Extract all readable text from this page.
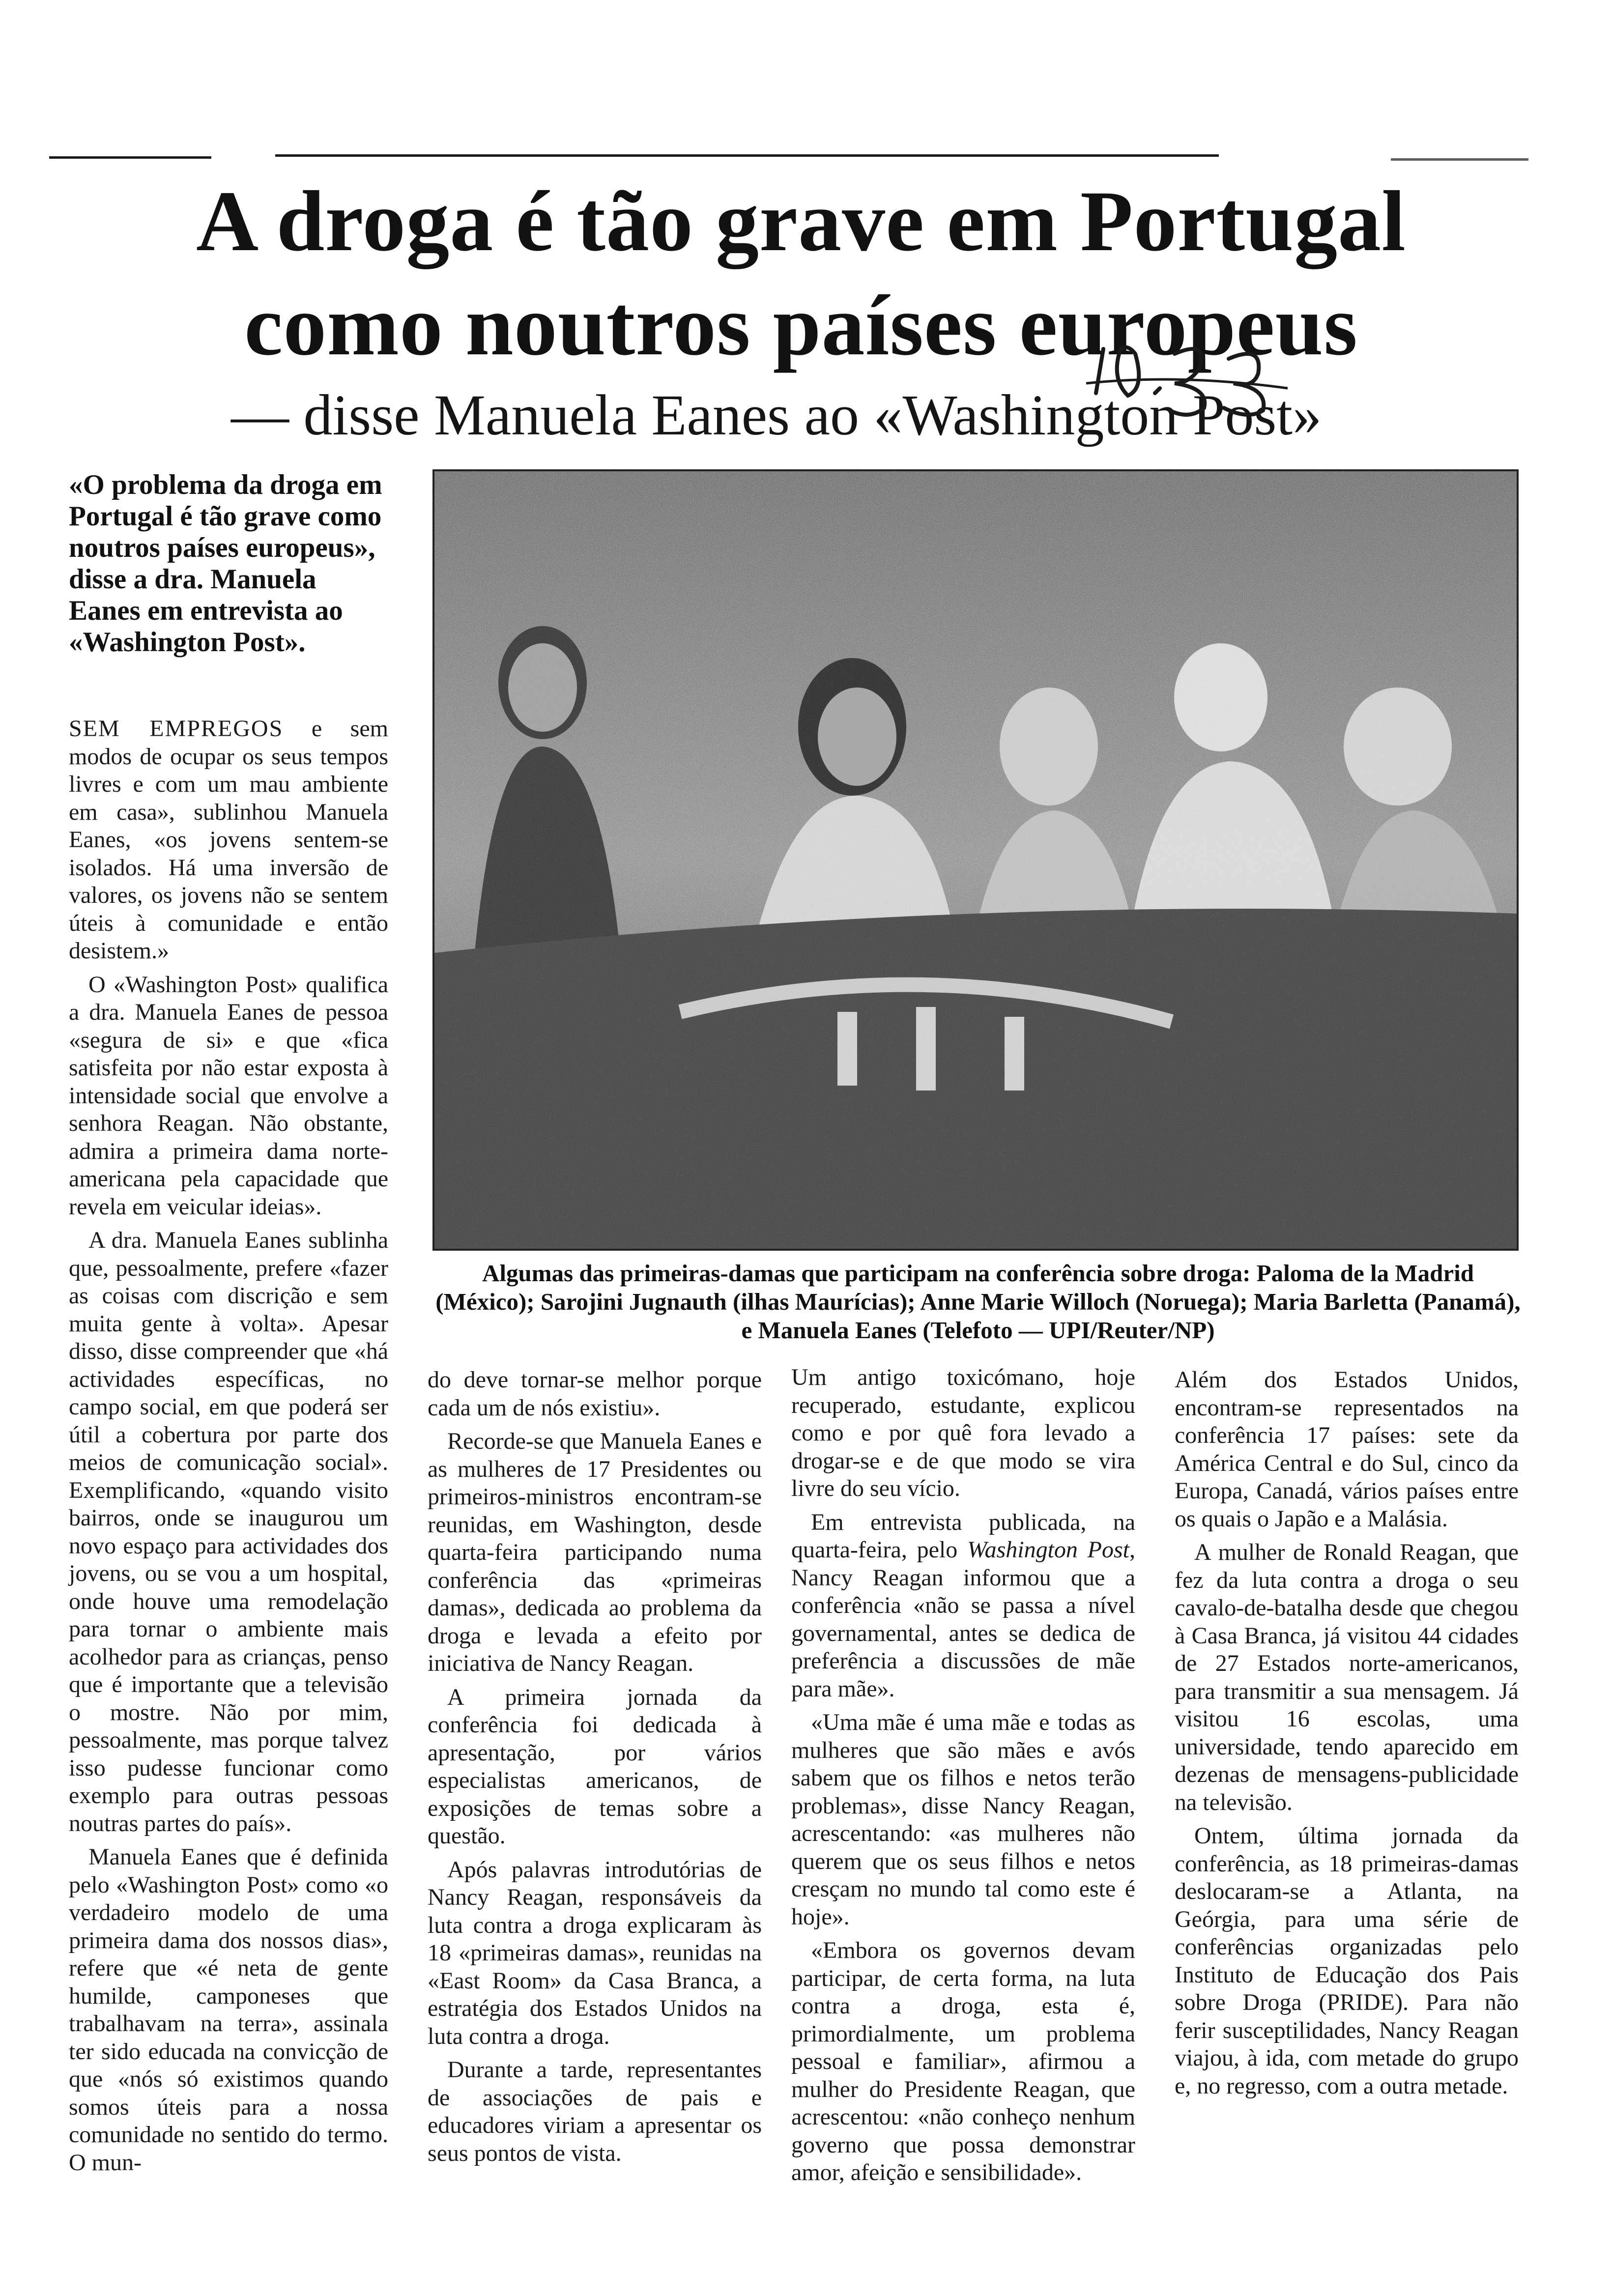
A droga é tão grave em Portugal
como noutros países europeus
— disse Manuela Eanes ao «Washington Post»
«O problema da droga em Portugal é tão grave como noutros países europeus», disse a dra. Manuela Eanes em entrevista ao «Washington Post».
Algumas das primeiras-damas que participam na conferência sobre droga: Paloma de la Madrid (México); Sarojini Jugnauth (ilhas Maurícias); Anne Marie Willoch (Noruega); Maria Barletta (Panamá), e Manuela Eanes (Telefoto — UPI/Reuter/NP)

SEM EMPREGOS e sem modos de ocupar os seus tempos livres e com um mau ambiente em casa», sublinhou Manuela Eanes, «os jovens sentem-se isolados. Há uma inversão de valores, os jovens não se sentem úteis à comunidade e então desistem.»

O «Washington Post» qualifica a dra. Manuela Eanes de pessoa «segura de si» e que «fica satisfeita por não estar exposta à intensidade social que envolve a senhora Reagan. Não obstante, admira a primeira dama norte-americana pela capacidade que revela em veicular ideias».

A dra. Manuela Eanes sublinha que, pessoalmente, prefere «fazer as coisas com discrição e sem muita gente à volta». Apesar disso, disse compreender que «há actividades específicas, no campo social, em que poderá ser útil a cobertura por parte dos meios de comunicação social». Exemplificando, «quando visito bairros, onde se inaugurou um novo espaço para actividades dos jovens, ou se vou a um hospital, onde houve uma remodelação para tornar o ambiente mais acolhedor para as crianças, penso que é importante que a televisão o mostre. Não por mim, pessoalmente, mas porque talvez isso pudesse funcionar como exemplo para outras pessoas noutras partes do país».

Manuela Eanes que é definida pelo «Washington Post» como «o verdadeiro modelo de uma primeira dama dos nossos dias», refere que «é neta de gente humilde, camponeses que trabalhavam na terra», assinala ter sido educada na convicção de que «nós só existimos quando somos úteis para a nossa comunidade no sentido do termo. O mun-

do deve tornar-se melhor porque cada um de nós existiu».

Recorde-se que Manuela Eanes e as mulheres de 17 Presidentes ou primeiros-ministros encontram-se reunidas, em Washington, desde quarta-feira participando numa conferência das «primeiras damas», dedicada ao problema da droga e levada a efeito por iniciativa de Nancy Reagan.

A primeira jornada da conferência foi dedicada à apresentação, por vários especialistas americanos, de exposições de temas sobre a questão.

Após palavras introdutórias de Nancy Reagan, responsáveis da luta contra a droga explicaram às 18 «primeiras damas», reunidas na «East Room» da Casa Branca, a estratégia dos Estados Unidos na luta contra a droga.

Durante a tarde, representantes de associações de pais e educadores viriam a apresentar os seus pontos de vista.

Um antigo toxicómano, hoje recuperado, estudante, explicou como e por quê fora levado a drogar-se e de que modo se vira livre do seu vício.

Em entrevista publicada, na quarta-feira, pelo Washington Post, Nancy Reagan informou que a conferência «não se passa a nível governamental, antes se dedica de preferência a discussões de mãe para mãe».

«Uma mãe é uma mãe e todas as mulheres que são mães e avós sabem que os filhos e netos terão problemas», disse Nancy Reagan, acrescentando: «as mulheres não querem que os seus filhos e netos cresçam no mundo tal como este é hoje».

«Embora os governos devam participar, de certa forma, na luta contra a droga, esta é, primordialmente, um problema pessoal e familiar», afirmou a mulher do Presidente Reagan, que acrescentou: «não conheço nenhum governo que possa demonstrar amor, afeição e sensibilidade».

Além dos Estados Unidos, encontram-se representados na conferência 17 países: sete da América Central e do Sul, cinco da Europa, Canadá, vários países entre os quais o Japão e a Malásia.

A mulher de Ronald Reagan, que fez da luta contra a droga o seu cavalo-de-batalha desde que chegou à Casa Branca, já visitou 44 cidades de 27 Estados norte-americanos, para transmitir a sua mensagem. Já visitou 16 escolas, uma universidade, tendo aparecido em dezenas de mensagens-publicidade na televisão.

Ontem, última jornada da conferência, as 18 primeiras-damas deslocaram-se a Atlanta, na Geórgia, para uma série de conferências organizadas pelo Instituto de Educação dos Pais sobre Droga (PRIDE). Para não ferir susceptilidades, Nancy Reagan viajou, à ida, com metade do grupo e, no regresso, com a outra metade.
